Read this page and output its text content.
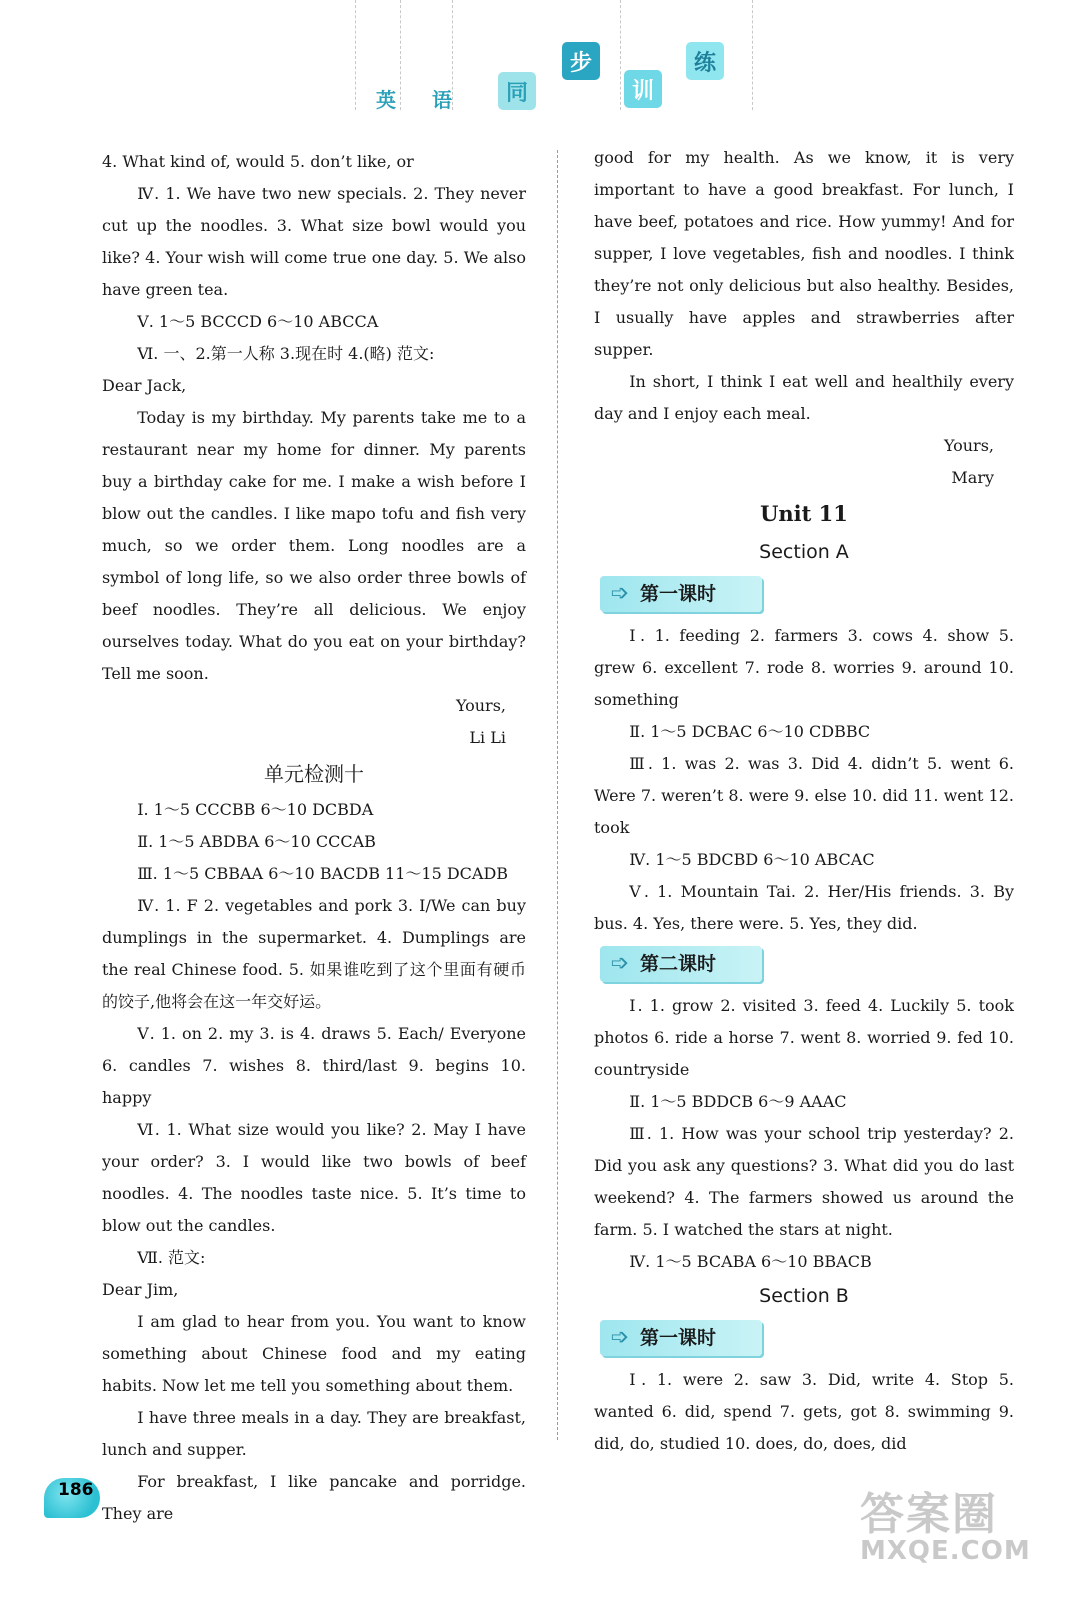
英 语	同
步
训
练

4. What kind of, would 5. don’t like, or

Ⅳ. 1. We have two new specials. 2. They never cut up the noodles. 3. What size bowl would you like? 4. Your wish will come true one day. 5. We also have green tea.

Ⅴ. 1～5 BCCCD 6～10 ABCCA

Ⅵ. 一、2.第一人称 3.现在时 4.(略) 范文:

Dear Jack,

Today is my birthday. My parents take me to a restaurant near my home for dinner. My parents buy a birthday cake for me. I make a wish before I blow out the candles. I like mapo tofu and fish very much, so we order them. Long noodles are a symbol of long life, so we also order three bowls of beef noodles. They’re all delicious. We enjoy ourselves today. What do you eat on your birthday? Tell me soon.

Yours,

Li Li

单元检测十

Ⅰ. 1～5 CCCBB 6～10 DCBDA

Ⅱ. 1～5 ABDBA 6～10 CCCAB

Ⅲ. 1～5 CBBAA 6～10 BACDB 11～15 DCADB

Ⅳ. 1. F 2. vegetables and pork 3. I/We can buy dumplings in the supermarket. 4. Dumplings are the real Chinese food. 5. 如果谁吃到了这个里面有硬币的饺子,他将会在这一年交好运。

Ⅴ. 1. on 2. my 3. is 4. draws 5. Each/ Everyone 6. candles 7. wishes 8. third/last 9. begins 10. happy

Ⅵ. 1. What size would you like? 2. May I have your order? 3. I would like two bowls of beef noodles. 4. The noodles taste nice. 5. It’s time to blow out the candles.

Ⅶ. 范文:

Dear Jim,

I am glad to hear from you. You want to know something about Chinese food and my eating habits. Now let me tell you something about them.

I have three meals in a day. They are breakfast, lunch and supper.

For breakfast, I like pancake and porridge. They are

good for my health. As we know, it is very important to have a good breakfast. For lunch, I have beef, potatoes and rice. How yummy! And for supper, I love vegetables, fish and noodles. I think they’re not only delicious but also healthy. Besides, I usually have apples and strawberries after supper.

In short, I think I eat well and healthily every day and I enjoy each meal.

Yours,

Mary

Unit 11
Section A
➩ 第一课时

Ⅰ. 1. feeding 2. farmers 3. cows 4. show 5. grew 6. excellent 7. rode 8. worries 9. around 10. something

Ⅱ. 1～5 DCBAC 6～10 CDBBC

Ⅲ. 1. was 2. was 3. Did 4. didn’t 5. went 6. Were 7. weren’t 8. were 9. else 10. did 11. went 12. took

Ⅳ. 1～5 BDCBD 6～10 ABCAC

Ⅴ. 1. Mountain Tai. 2. Her/His friends. 3. By bus. 4. Yes, there were. 5. Yes, they did.

➩ 第二课时

Ⅰ. 1. grow 2. visited 3. feed 4. Luckily 5. took photos 6. ride a horse 7. went 8. worried 9. fed 10. countryside

Ⅱ. 1～5 BDDCB 6～9 AAAC

Ⅲ. 1. How was your school trip yesterday? 2. Did you ask any questions? 3. What did you do last weekend? 4. The farmers showed us around the farm. 5. I watched the stars at night.

Ⅳ. 1～5 BCABA 6～10 BBACB

Section B
➩ 第一课时

Ⅰ. 1. were 2. saw 3. Did, write 4. Stop 5. wanted 6. did, spend 7. gets, got 8. swimming 9. did, do, studied 10. does, do, does, did

186	答案圈
MXQE.COM
